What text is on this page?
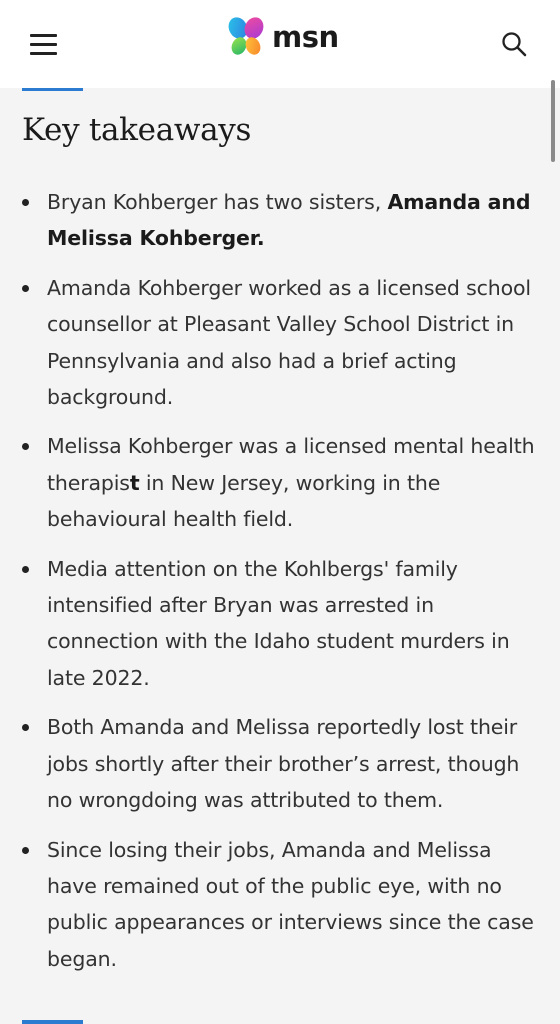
msn
Key takeaways
Bryan Kohberger has two sisters, Amanda and Melissa Kohberger.
Amanda Kohberger worked as a licensed school counsellor at Pleasant Valley School District in Pennsylvania and also had a brief acting background.
Melissa Kohberger was a licensed mental health therapist in New Jersey, working in the behavioural health field.
Media attention on the Kohlbergs' family intensified after Bryan was arrested in connection with the Idaho student murders in late 2022.
Both Amanda and Melissa reportedly lost their jobs shortly after their brother’s arrest, though no wrongdoing was attributed to them.
Since losing their jobs, Amanda and Melissa have remained out of the public eye, with no public appearances or interviews since the case began.
